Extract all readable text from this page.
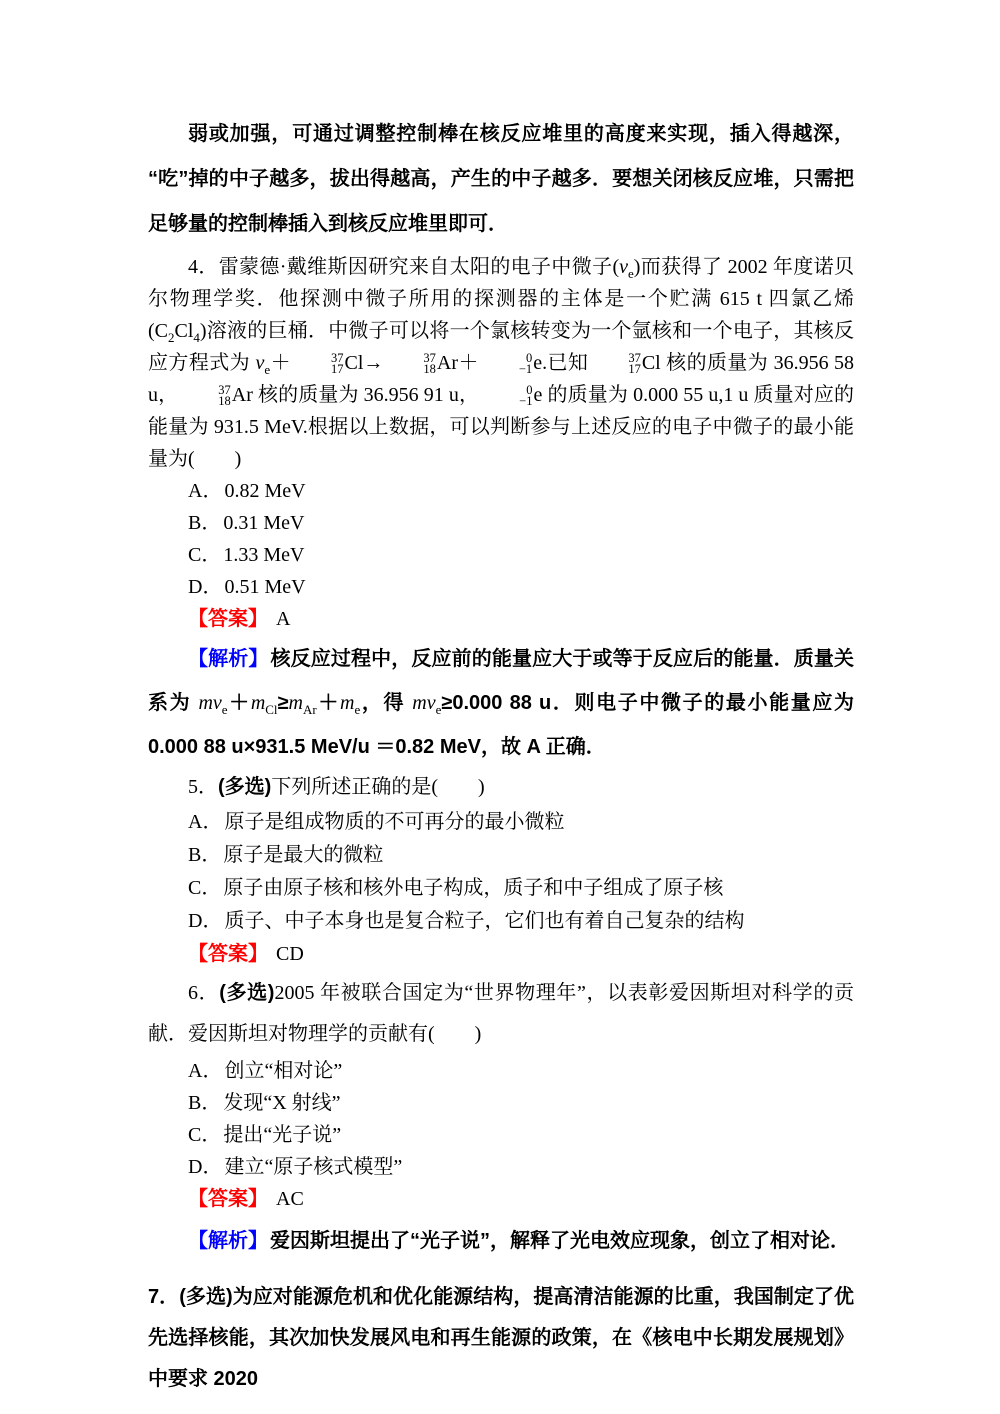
弱或加强，可通过调整控制棒在核反应堆里的高度来实现，插入得越深，“吃”掉的中子越多，拔出得越高，产生的中子越多．要想关闭核反应堆，只需把足够量的控制棒插入到核反应堆里即可．
4．雷蒙德·戴维斯因研究来自太阳的电子中微子$(\nu_e)$而获得了 2002 年度诺贝尔物理学奖．他探测中微子所用的探测器的主体是一个贮满 615 t 四氯乙烯$(C_2Cl_4)$溶液的巨桶．中微子可以将一个氯核转变为一个氩核和一个电子，其核反应方程式为 $\nu_e+$	37
17 Cl→	37
18 Ar＋	0
−1 e.已知	37
17 Cl 核的质量为 36.956 58 u，	37
18 Ar 核的质量为 36.956 91 u，	0
−1 e 的质量为 0.000 55 u,1 u 质量对应的能量为 931.5 MeV.根据以上数据，可以判断参与上述反应的电子中微子的最小能量为(　　)
A． 0.82 MeV
B． 0.31 MeV
C． 1.33 MeV
D． 0.51 MeV
【答案】 A
【解析】 核反应过程中，反应前的能量应大于或等于反应后的能量．质量关系为 $m\nu_e+m_{Cl}\ge m_{Ar}+m_e$，得 $m\nu_e\ge 0.000$ 88 u．则电子中微子的最小能量应为 0.000 88 u×931.5 MeV/u ＝0.82 MeV，故 A 正确．
5．(多选)下列所述正确的是(　　)
A． 原子是组成物质的不可再分的最小微粒
B． 原子是最大的微粒
C． 原子由原子核和核外电子构成，质子和中子组成了原子核
D． 质子、中子本身也是复合粒子，它们也有着自己复杂的结构
【答案】 CD
6．(多选)2005 年被联合国定为“世界物理年”，以表彰爱因斯坦对科学的贡献．爱因斯坦对物理学的贡献有(　　)
A． 创立“相对论”
B． 发现“X 射线”
C． 提出“光子说”
D． 建立“原子核式模型”
【答案】 AC
【解析】 爱因斯坦提出了“光子说”，解释了光电效应现象，创立了相对论．
7．(多选)为应对能源危机和优化能源结构，提高清洁能源的比重，我国制定了优先选择核能，其次加快发展风电和再生能源的政策，在《核电中长期发展规划》中要求 2020
